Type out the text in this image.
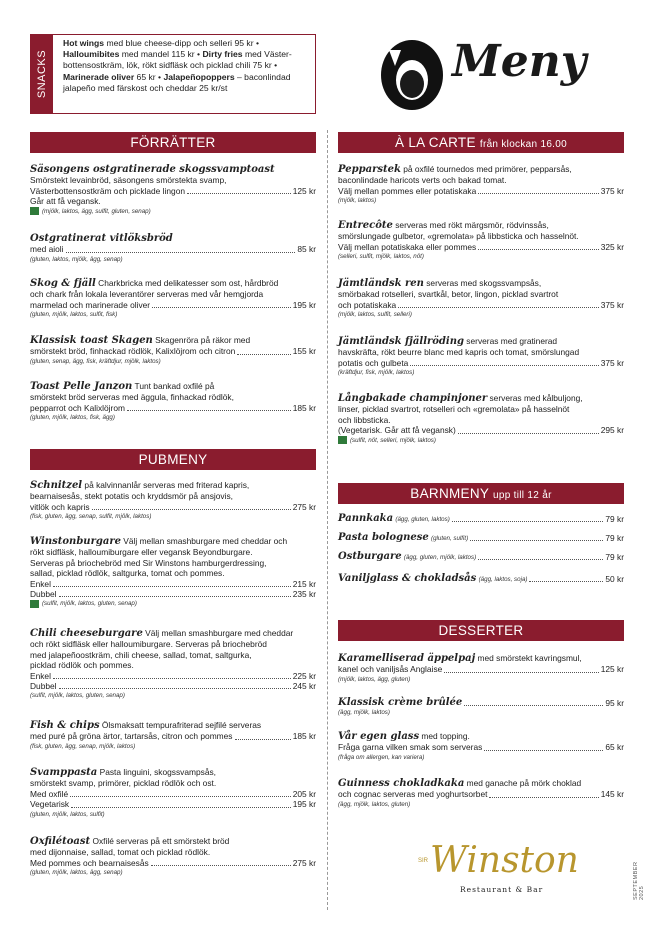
SNACKS
Hot wings med blue cheese-dipp och selleri 95 kr •
Halloumibites med mandel 115 kr • Dirty fries med Väster-
bottensostkräm, lök, rökt sidfläsk och picklad chili 75 kr •
Marinerade oliver 65 kr • Jalapeñopoppers – baconlindad
jalapeño med färskost och cheddar 25 kr/st
Meny
FÖRRÄTTER	À LA CARTE från klockan 16.00
PUBMENY
BARNMENY upp till 12 år
DESSERTER
Säsongens ostgratinerade skogssvamptoast
Smörstekt levainbröd, säsongens smörstekta svamp,
Västerbottensostkräm och picklade lingon	125 kr
Går att få vegansk.
(mjölk, laktos, ägg, sulfit, gluten, senap)
Ostgratinerat vitlöksbröd
med aioli	85 kr
(gluten, laktos, mjölk, ägg, senap)
Skog & fjäll Charkbricka med delikatesser som ost, hårdbröd
och chark från lokala leverantörer serveras med vår hemgjorda
marmelad och marinerade oliver	195 kr
(gluten, mjölk, laktos, sulfit, fisk)
Klassisk toast Skagen Skagenröra på räkor med
smörstekt bröd, finhackad rödlök, Kalixlöjrom och citron	155 kr
(gluten, senap, ägg, fisk, kräftdjur, mjölk, laktos)
Toast Pelle Janzon Tunt bankad oxfilé på
smörstekt bröd serveras med äggula, finhackad rödlök,
pepparrot och Kalixlöjrom	185 kr
(gluten, mjölk, laktos, fisk, ägg)
Schnitzel på kalvinnanlår serveras med friterad kapris,
bearnaisesås, stekt potatis och kryddsmör på ansjovis,
vitlök och kapris	275 kr
(fisk, gluten, ägg, senap, sulfit, mjölk, laktos)
Winstonburgare Välj mellan smashburgare med cheddar och
rökt sidfläsk, halloumiburgare eller vegansk Beyondburgare.
Serveras på briochebröd med Sir Winstons hamburgerdressing,
sallad, picklad rödlök, saltgurka, tomat och pommes.
Enkel	215 kr
Dubbel	235 kr
(sulfit, mjölk, laktos, gluten, senap)
Chili cheeseburgare Välj mellan smashburgare med cheddar
och rökt sidfläsk eller halloumiburgare. Serveras på briochebröd
med jalapeñoostkräm, chili cheese, sallad, tomat, saltgurka,
picklad rödlök och pommes.
Enkel	225 kr
Dubbel	245 kr
(sulfit, mjölk, laktos, gluten, senap)
Fish & chips Ölsmaksatt tempurafriterad sejfilé serveras
med puré på gröna ärtor, tartarsås, citron och pommes	185 kr
(fisk, gluten, ägg, senap, mjölk, laktos)
Svamppasta Pasta linguini, skogssvampsås,
smörstekt svamp, primörer, picklad rödlök och ost.
Med oxfilé	205 kr
Vegetarisk	195 kr
(gluten, mjölk, laktos, sulfit)
Oxfilétoast Oxfilé serveras på ett smörstekt bröd
med dijonnaise, sallad, tomat och picklad rödlök.
Med pommes och bearnaisesås	275 kr
(gluten, mjölk, laktos, ägg, senap)
Pepparstek på oxfilé tournedos med primörer, pepparsås,
baconlindade haricots verts och bakad tomat.
Välj mellan pommes eller potatiskaka	375 kr
(mjölk, laktos)
Entrecôte serveras med rökt märgsmör, rödvinssås,
smörslungade gulbetor, «gremolata» på libbsticka och hasselnöt.
Välj mellan potatiskaka eller pommes	325 kr
(selleri, sulfit, mjölk, laktos, nöt)
Jämtländsk ren serveras med skogssvampsås,
smörbakad rotselleri, svartkål, betor, lingon, picklad svartrot
och potatiskaka	375 kr
(mjölk, laktos, sulfit, selleri)
Jämtländsk fjällröding serveras med gratinerad
havskräfta, rökt beurre blanc med kapris och tomat, smörslungad
potatis och gulbeta	375 kr
(kräftdjur, fisk, mjölk, laktos)
Långbakade champinjoner serveras med kålbuljong,
linser, picklad svartrot, rotselleri och «gremolata» på hasselnöt
och libbsticka.
(Vegetarisk. Går att få vegansk)	295 kr
(sulfit, nöt, selleri, mjölk, laktos)
Pannkaka
(ägg, gluten, laktos)	79 kr
Pasta bolognese
(gluten, sulfit)	79 kr
Ostburgare
(ägg, gluten, mjölk, laktos)	79 kr
Vaniljglass & chokladsås
(ägg, laktos, soja)	50 kr
Karamelliserad äppelpaj med smörstekt kavringsmul,
kanel och vaniljsås Anglaise	125 kr
(mjölk, laktos, ägg, gluten)
Klassisk crème brûlée	95 kr
(ägg, mjölk, laktos)
Vår egen glass med topping.
Fråga garna vilken smak som serveras	65 kr
(fråga om allergen, kan variera)
Guinness chokladkaka med ganache på mörk choklad
och cognac serveras med yoghurtsorbet	145 kr
(ägg, mjölk, laktos, gluten)
SIR Winston
Restaurant & Bar	SEPTEMBER 2025
